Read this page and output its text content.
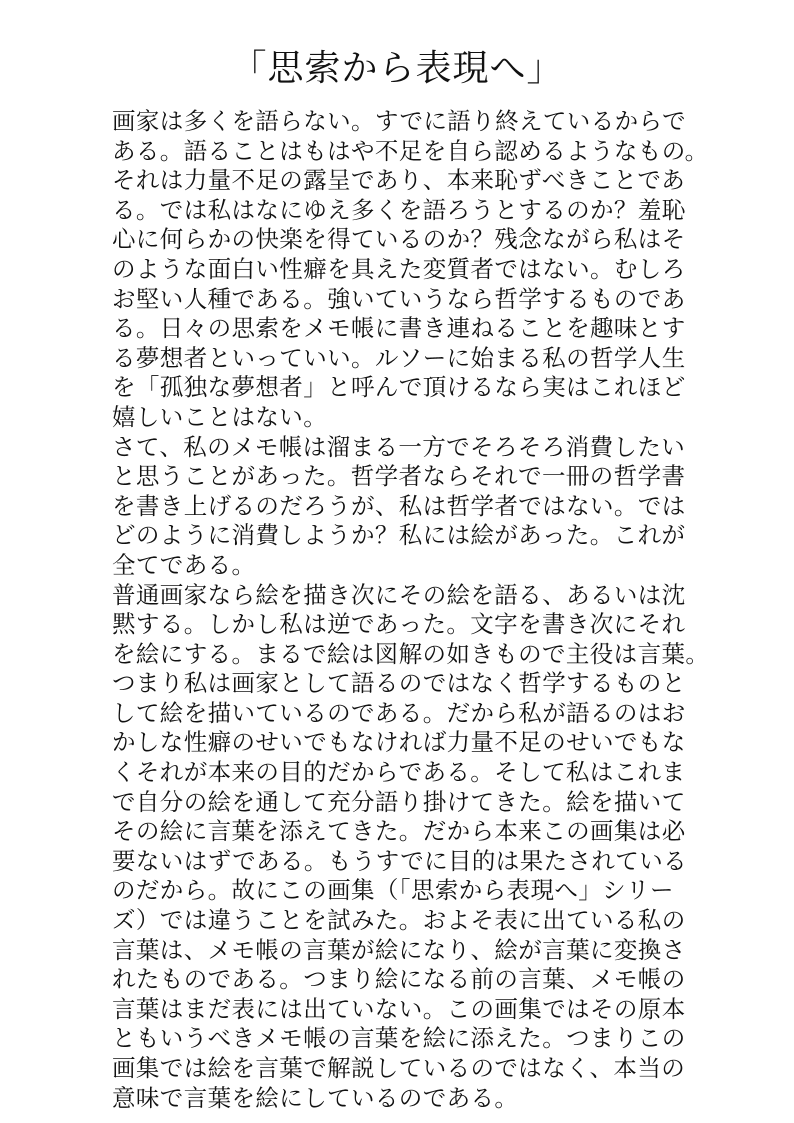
「思索から表現へ」
画家は多くを語らない。すでに語り終えているからで
ある。語ることはもはや不足を自ら認めるようなもの。
それは力量不足の露呈であり、本来恥ずべきことであ
る。では私はなにゆえ多くを語ろうとするのか？羞恥
心に何らかの快楽を得ているのか？残念ながら私はそ
のような面白い性癖を具えた変質者ではない。むしろ
お堅い人種である。強いていうなら哲学するものであ
る。日々の思索をメモ帳に書き連ねることを趣味とす
る夢想者といっていい。ルソーに始まる私の哲学人生
を「孤独な夢想者」と呼んで頂けるなら実はこれほど
嬉しいことはない。
さて、私のメモ帳は溜まる一方でそろそろ消費したい
と思うことがあった。哲学者ならそれで一冊の哲学書
を書き上げるのだろうが、私は哲学者ではない。では
どのように消費しようか？私には絵があった。これが
全てである。
普通画家なら絵を描き次にその絵を語る、あるいは沈
黙する。しかし私は逆であった。文字を書き次にそれ
を絵にする。まるで絵は図解の如きもので主役は言葉。
つまり私は画家として語るのではなく哲学するものと
して絵を描いているのである。だから私が語るのはお
かしな性癖のせいでもなければ力量不足のせいでもな
くそれが本来の目的だからである。そして私はこれま
で自分の絵を通して充分語り掛けてきた。絵を描いて
その絵に言葉を添えてきた。だから本来この画集は必
要ないはずである。もうすでに目的は果たされている
のだから。故にこの画集（「思索から表現へ」シリー
ズ）では違うことを試みた。およそ表に出ている私の
言葉は、メモ帳の言葉が絵になり、絵が言葉に変換さ
れたものである。つまり絵になる前の言葉、メモ帳の
言葉はまだ表には出ていない。この画集ではその原本
ともいうべきメモ帳の言葉を絵に添えた。つまりこの
画集では絵を言葉で解説しているのではなく、本当の
意味で言葉を絵にしているのである。
